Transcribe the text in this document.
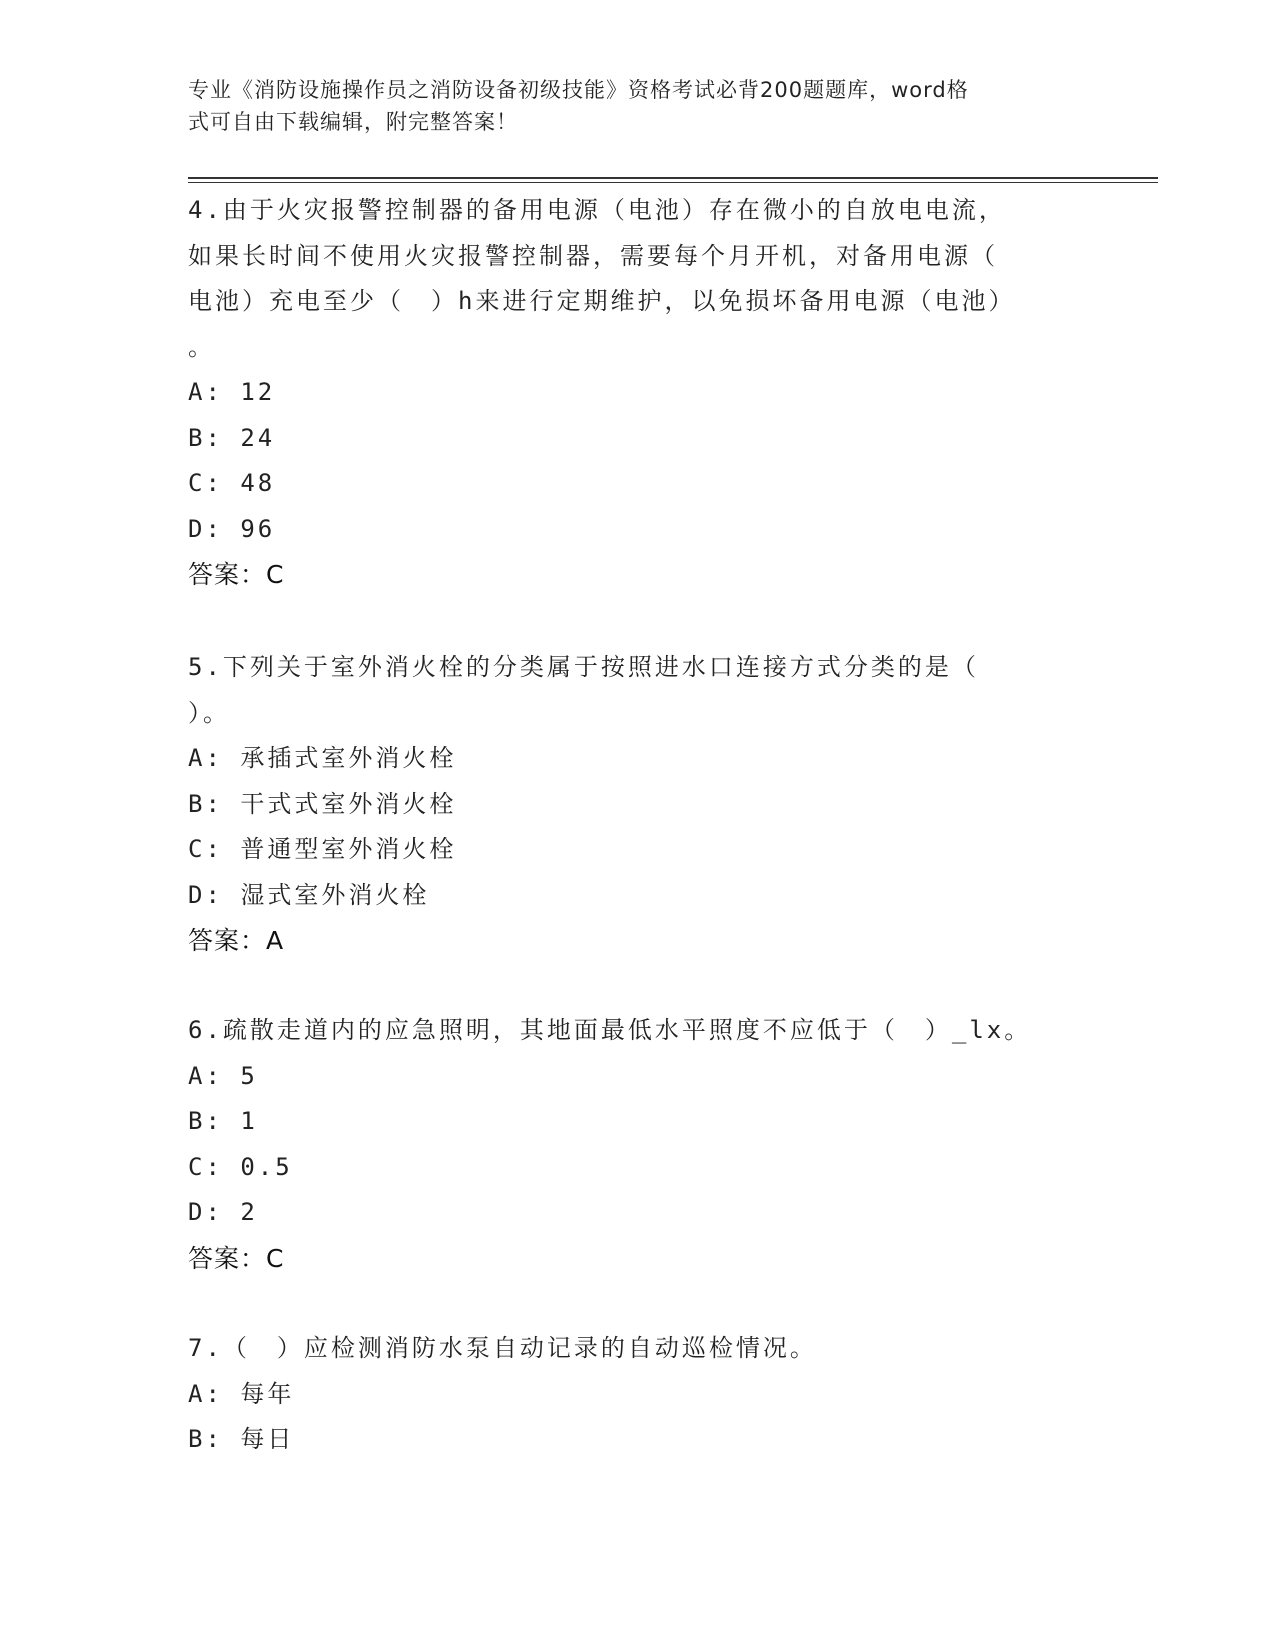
专业《消防设施操作员之消防设备初级技能》资格考试必背200题题库，word格
式可自由下载编辑，附完整答案！
4.由于火灾报警控制器的备用电源（电池）存在微小的自放电电流，
如果长时间不使用火灾报警控制器，需要每个月开机，对备用电源（
电池）充电至少（　）h来进行定期维护，以免损坏备用电源（电池）
。
A: 12
B: 24
C: 48
D: 96
答案：C
5.下列关于室外消火栓的分类属于按照进水口连接方式分类的是（
）。
A: 承插式室外消火栓
B: 干式式室外消火栓
C: 普通型室外消火栓
D: 湿式室外消火栓
答案：A
6.疏散走道内的应急照明，其地面最低水平照度不应低于（　）_lx。
A: 5
B: 1
C: 0.5
D: 2
答案：C
7.（　）应检测消防水泵自动记录的自动巡检情况。
A: 每年
B: 每日
